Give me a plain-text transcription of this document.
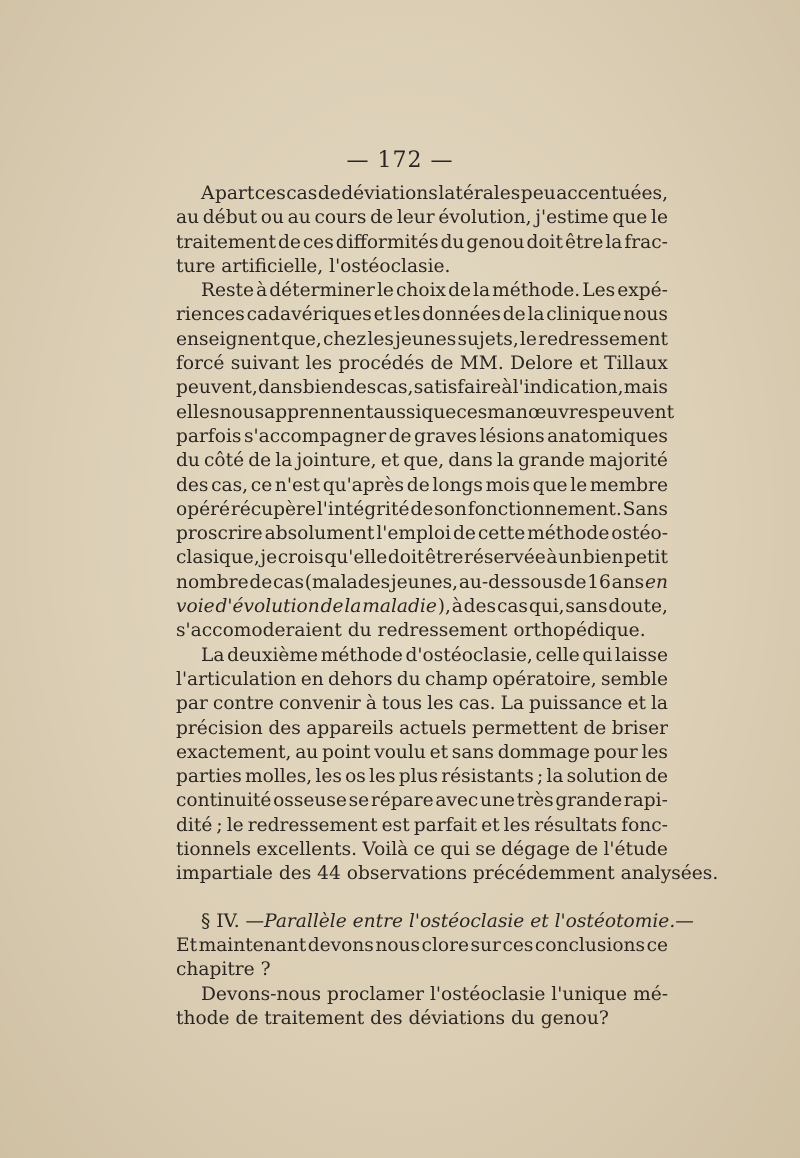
— 172 —
A part ces cas de déviations latérales peu accentuées,
au début ou au cours de leur évolution, j'estime que le
traitement de ces difformités du genou doit être la frac-
ture artificielle, l'ostéoclasie.
Reste à déterminer le choix de la méthode. Les expé-
riences cadavériques et les données de la clinique nous
enseignent que, chez les jeunes sujets, le redressement
forcé suivant les procédés de MM. Delore et Tillaux
peuvent, dans bien des cas, satisfaire à l'indication, mais
elles nous apprennent aussi que ces manœuvres peuvent
parfois s'accompagner de graves lésions anatomiques
du côté de la jointure, et que, dans la grande majorité
des cas, ce n'est qu'après de longs mois que le membre
opéré récupère l'intégrité de son fonctionnement. Sans
proscrire absolument l'emploi de cette méthode ostéo-
clasique, je crois qu'elle doit être réservée à un bien petit
nombre de cas (malades jeunes, au-dessous de 16 ans en
voie d'évolution de la maladie ), à des cas qui, sans doute,
s'accomoderaient du redressement orthopédique.
La deuxième méthode d'ostéoclasie, celle qui laisse
l'articulation en dehors du champ opératoire, semble
par contre convenir à tous les cas. La puissance et la
précision des appareils actuels permettent de briser
exactement, au point voulu et sans dommage pour les
parties molles, les os les plus résistants ; la solution de
continuité osseuse se répare avec une très grande rapi-
dité ; le redressement est parfait et les résultats fonc-
tionnels excellents. Voilà ce qui se dégage de l'étude
impartiale des 44 observations précédemment analysées.
§ IV. — Parallèle entre l'ostéoclasie et l'ostéotomie. —
Et maintenant devons nous clore sur ces conclusions ce
chapitre ?
Devons-nous proclamer l'ostéoclasie l'unique mé-
thode de traitement des déviations du genou?
